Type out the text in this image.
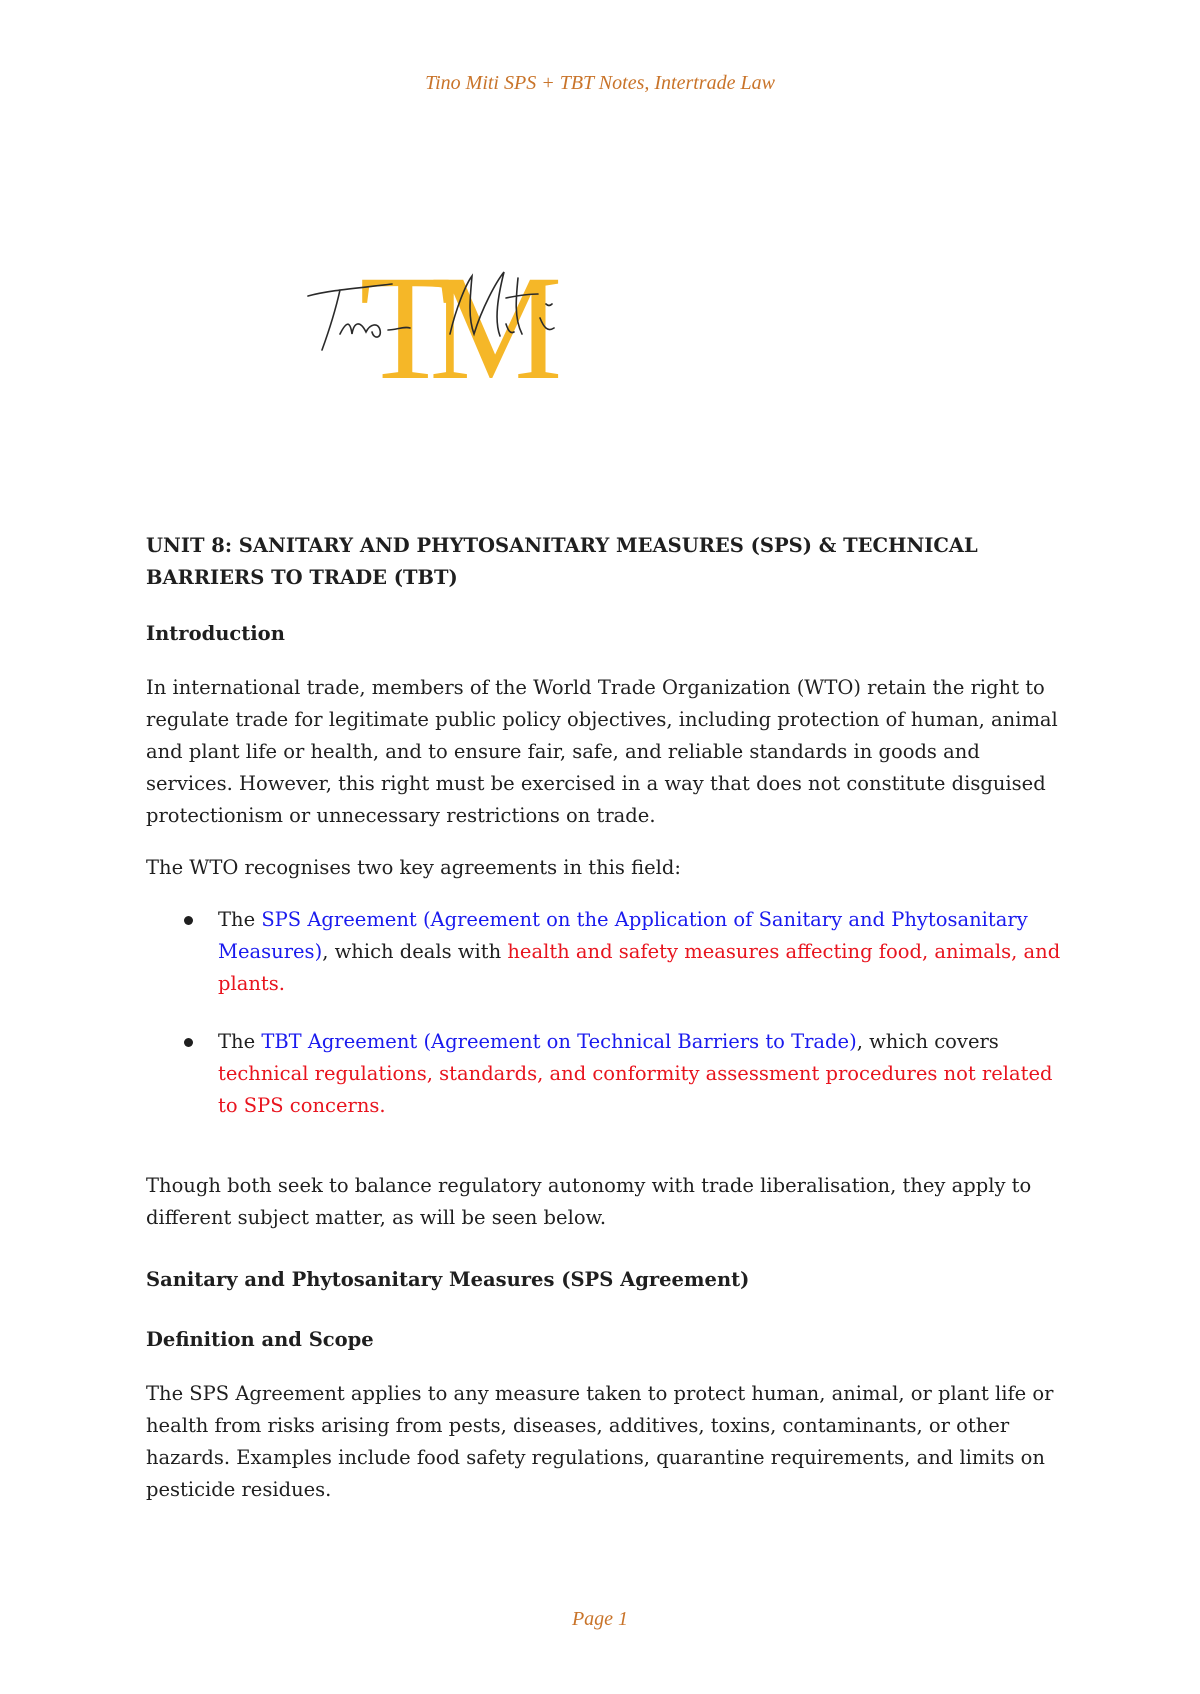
Tino Miti SPS + TBT Notes, Intertrade Law
TM

UNIT 8: SANITARY AND PHYTOSANITARY MEASURES (SPS) & TECHNICAL BARRIERS TO TRADE (TBT)

Introduction

In international trade, members of the World Trade Organization (WTO) retain the right to regulate trade for legitimate public policy objectives, including protection of human, animal and plant life or health, and to ensure fair, safe, and reliable standards in goods and services. However, this right must be exercised in a way that does not constitute disguised protectionism or unnecessary restrictions on trade.

The WTO recognises two key agreements in this field:

The SPS Agreement (Agreement on the Application of Sanitary and Phytosanitary Measures), which deals with health and safety measures affecting food, animals, and plants.
The TBT Agreement (Agreement on Technical Barriers to Trade), which covers technical regulations, standards, and conformity assessment procedures not related to SPS concerns.

Though both seek to balance regulatory autonomy with trade liberalisation, they apply to different subject matter, as will be seen below.

Sanitary and Phytosanitary Measures (SPS Agreement)

Definition and Scope

The SPS Agreement applies to any measure taken to protect human, animal, or plant life or health from risks arising from pests, diseases, additives, toxins, contaminants, or other hazards. Examples include food safety regulations, quarantine requirements, and limits on pesticide residues.

Page 1
